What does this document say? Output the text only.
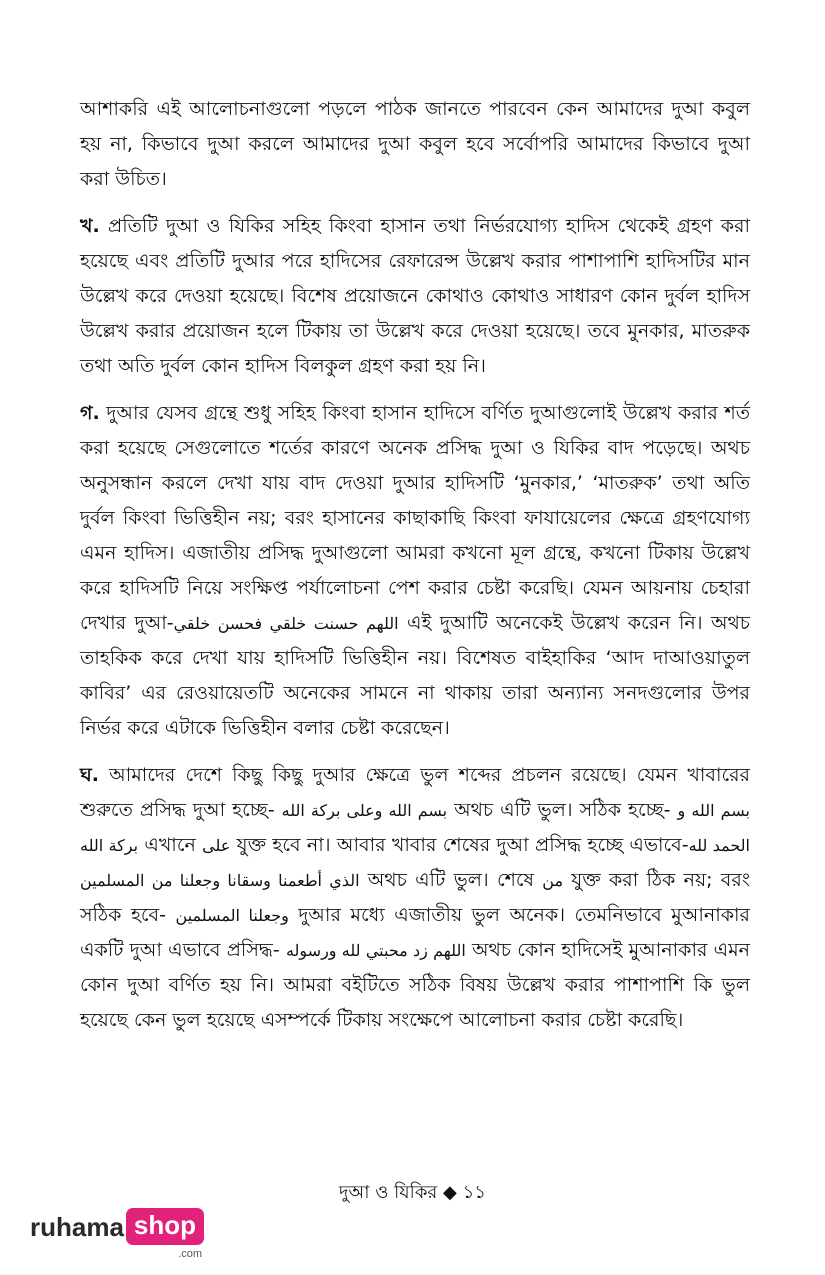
আশাকরি এই আলোচনাগুলো পড়লে পাঠক জানতে পারবেন কেন আমাদের দুআ কবুল হয় না, কিভাবে দুআ করলে আমাদের দুআ কবুল হবে সর্বোপরি আমাদের কিভাবে দুআ করা উচিত।

খ. প্রতিটি দুআ ও যিকির সহিহ কিংবা হাসান তথা নির্ভরযোগ্য হাদিস থেকেই গ্রহণ করা হয়েছে এবং প্রতিটি দুআর পরে হাদিসের রেফারেন্স উল্লেখ করার পাশাপাশি হাদিসটির মান উল্লেখ করে দেওয়া হয়েছে। বিশেষ প্রয়োজনে কোথাও কোথাও সাধারণ কোন দুর্বল হাদিস উল্লেখ করার প্রয়োজন হলে টিকায় তা উল্লেখ করে দেওয়া হয়েছে। তবে মুনকার, মাতরুক তথা অতি দুর্বল কোন হাদিস বিলকুল গ্রহণ করা হয় নি।

গ. দুআর যেসব গ্রন্থে শুধু সহিহ কিংবা হাসান হাদিসে বর্ণিত দুআগুলোই উল্লেখ করার শর্ত করা হয়েছে সেগুলোতে শর্তের কারণে অনেক প্রসিদ্ধ দুআ ও যিকির বাদ পড়েছে। অথচ অনুসন্ধান করলে দেখা যায় বাদ দেওয়া দুআর হাদিসটি ‘মুনকার,’ ‘মাতরুক’ তথা অতি দুর্বল কিংবা ভিত্তিহীন নয়; বরং হাসানের কাছাকাছি কিংবা ফাযায়েলের ক্ষেত্রে গ্রহণযোগ্য এমন হাদিস। এজাতীয় প্রসিদ্ধ দুআগুলো আমরা কখনো মূল গ্রন্থে, কখনো টিকায় উল্লেখ করে হাদিসটি নিয়ে সংক্ষিপ্ত পর্যালোচনা পেশ করার চেষ্টা করেছি। যেমন আয়নায় চেহারা দেখার দুআ-اللهم حسنت خلقي فحسن خلقي এই দুআটি অনেকেই উল্লেখ করেন নি। অথচ তাহকিক করে দেখা যায় হাদিসটি ভিত্তিহীন নয়। বিশেষত বাইহাকির ‘আদ দাআওয়াতুল কাবির’ এর রেওয়ায়েতটি অনেকের সামনে না থাকায় তারা অন্যান্য সনদগুলোর উপর নির্ভর করে এটাকে ভিত্তিহীন বলার চেষ্টা করেছেন।

ঘ. আমাদের দেশে কিছু কিছু দুআর ক্ষেত্রে ভুল শব্দের প্রচলন রয়েছে। যেমন খাবারের শুরুতে প্রসিদ্ধ দুআ হচ্ছে- بسم الله وعلى بركة الله অথচ এটি ভুল। সঠিক হচ্ছে- بسم الله و بركة الله এখানে على যুক্ত হবে না। আবার খাবার শেষের দুআ প্রসিদ্ধ হচ্ছে এভাবে-الحمد لله الذي أطعمنا وسقانا وجعلنا من المسلمين অথচ এটি ভুল। শেষে من যুক্ত করা ঠিক নয়; বরং সঠিক হবে- وجعلنا المسلمين দুআর মধ্যে এজাতীয় ভুল অনেক। তেমনিভাবে মুআনাকার একটি দুআ এভাবে প্রসিদ্ধ- اللهم زد محبتي لله ورسوله অথচ কোন হাদিসেই মুআনাকার এমন কোন দুআ বর্ণিত হয় নি। আমরা বইটিতে সঠিক বিষয় উল্লেখ করার পাশাপাশি কি ভুল হয়েছে কেন ভুল হয়েছে এসম্পর্কে টিকায় সংক্ষেপে আলোচনা করার চেষ্টা করেছি।

দুআ ও যিকির ◆ ১১
ruhama shop
.com
